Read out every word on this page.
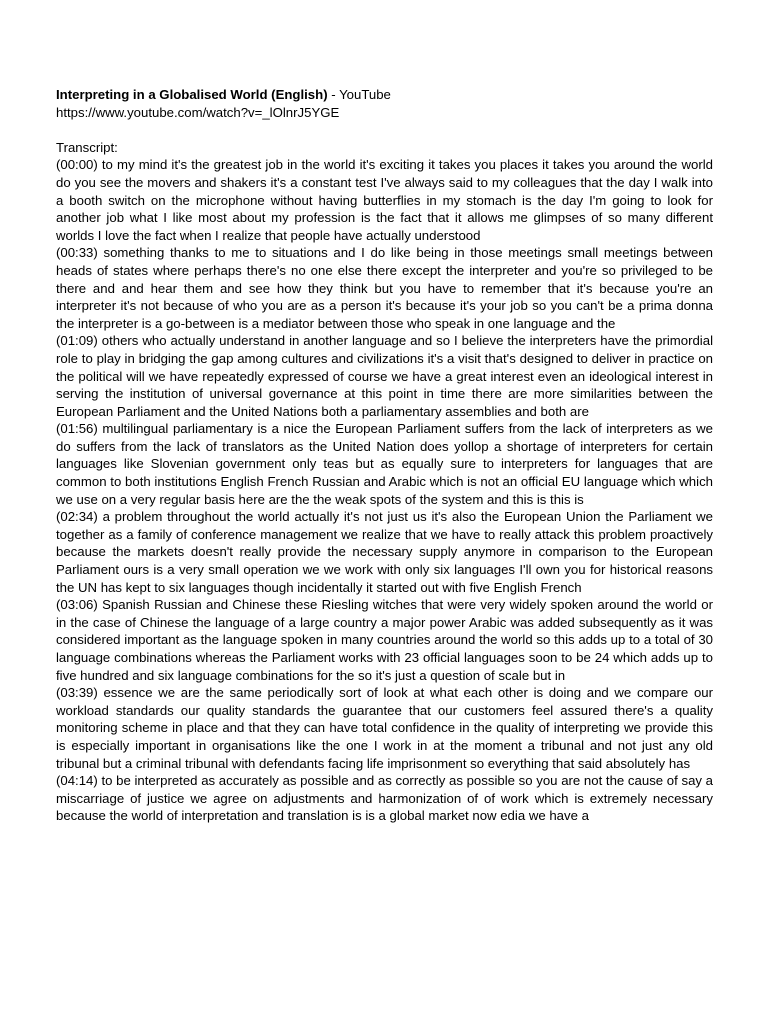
Interpreting in a Globalised World (English) - YouTube

https://www.youtube.com/watch?v=_lOlnrJ5YGE

Transcript:

(00:00) to my mind it's the greatest job in the world it's exciting it takes you places it takes you around the world do you see the movers and shakers it's a constant test I've always said to my colleagues that the day I walk into a booth switch on the microphone without having butterflies in my stomach is the day I'm going to look for another job what I like most about my profession is the fact that it allows me glimpses of so many different worlds I love the fact when I realize that people have actually understood

(00:33) something thanks to me to situations and I do like being in those meetings small meetings between heads of states where perhaps there's no one else there except the interpreter and you're so privileged to be there and and hear them and see how they think but you have to remember that it's because you're an interpreter it's not because of who you are as a person it's because it's your job so you can't be a prima donna the interpreter is a go-between is a mediator between those who speak in one language and the

(01:09) others who actually understand in another language and so I believe the interpreters have the primordial role to play in bridging the gap among cultures and civilizations it's a visit that's designed to deliver in practice on the political will we have repeatedly expressed of course we have a great interest even an ideological interest in serving the institution of universal governance at this point in time there are more similarities between the European Parliament and the United Nations both a parliamentary assemblies and both are

(01:56) multilingual parliamentary is a nice the European Parliament suffers from the lack of interpreters as we do suffers from the lack of translators as the United Nation does yollop a shortage of interpreters for certain languages like Slovenian government only teas but as equally sure to interpreters for languages that are common to both institutions English French Russian and Arabic which is not an official EU language which which we use on a very regular basis here are the the weak spots of the system and this is this is

(02:34) a problem throughout the world actually it's not just us it's also the European Union the Parliament we together as a family of conference management we realize that we have to really attack this problem proactively because the markets doesn't really provide the necessary supply anymore in comparison to the European Parliament ours is a very small operation we we work with only six languages I'll own you for historical reasons the UN has kept to six languages though incidentally it started out with five English French

(03:06) Spanish Russian and Chinese these Riesling witches that were very widely spoken around the world or in the case of Chinese the language of a large country a major power Arabic was added subsequently as it was considered important as the language spoken in many countries around the world so this adds up to a total of 30 language combinations whereas the Parliament works with 23 official languages soon to be 24 which adds up to five hundred and six language combinations for the so it's just a question of scale but in

(03:39) essence we are the same periodically sort of look at what each other is doing and we compare our workload standards our quality standards the guarantee that our customers feel assured there's a quality monitoring scheme in place and that they can have total confidence in the quality of interpreting we provide this is especially important in organisations like the one I work in at the moment a tribunal and not just any old tribunal but a criminal tribunal with defendants facing life imprisonment so everything that said absolutely has

(04:14) to be interpreted as accurately as possible and as correctly as possible so you are not the cause of say a miscarriage of justice we agree on adjustments and harmonization of of work which is extremely necessary because the world of interpretation and translation is is a global market now edia we have a
